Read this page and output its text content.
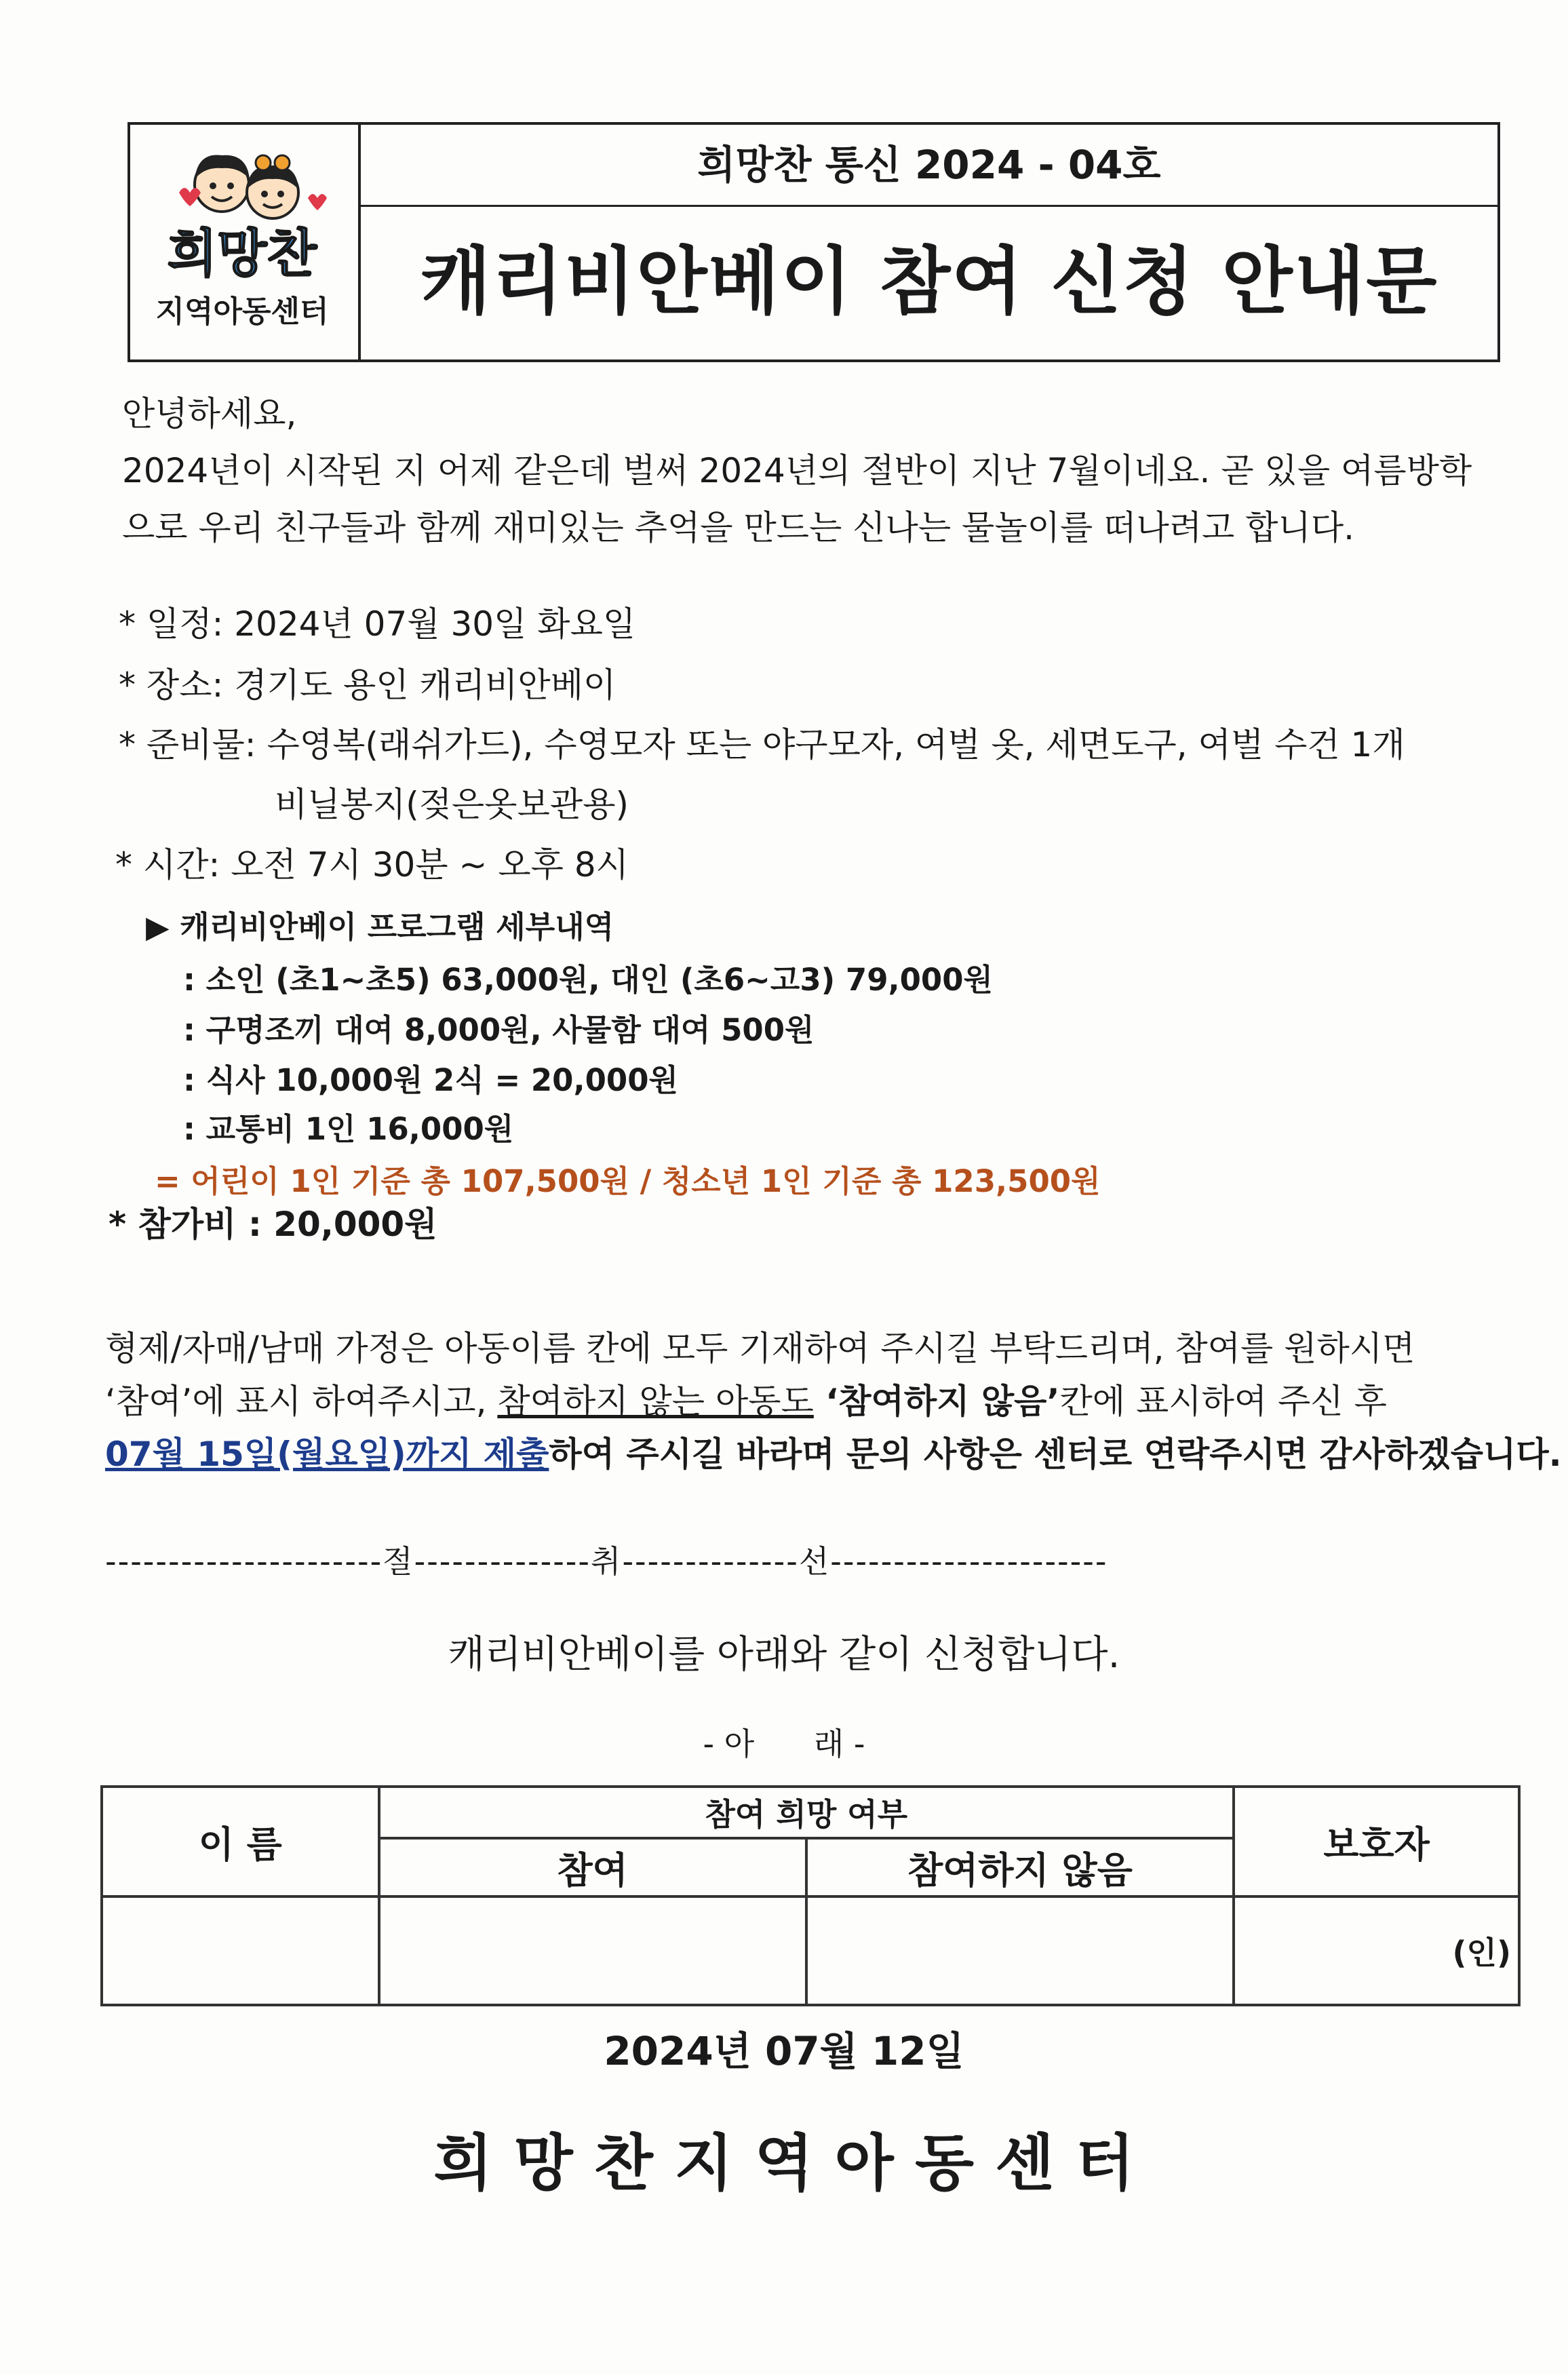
희망찬
지역아동센터
희망찬 통신 2024 - 04호
캐리비안베이 참여 신청 안내문
안녕하세요,
2024년이 시작된 지 어제 같은데 벌써 2024년의 절반이 지난 7월이네요. 곧 있을 여름방학
으로 우리 친구들과 함께 재미있는 추억을 만드는 신나는 물놀이를 떠나려고 합니다.
* 일정: 2024년 07월 30일 화요일
* 장소: 경기도 용인 캐리비안베이
* 준비물: 수영복(래쉬가드), 수영모자 또는 야구모자, 여벌 옷, 세면도구, 여벌 수건 1개
비닐봉지(젖은옷보관용)
* 시간: 오전 7시 30분 ~ 오후 8시
▶ 캐리비안베이 프로그램 세부내역
: 소인 (초1~초5) 63,000원, 대인 (초6~고3) 79,000원
: 구명조끼 대여 8,000원, 사물함 대여 500원
: 식사 10,000원 2식 = 20,000원
: 교통비 1인 16,000원
= 어린이 1인 기준 총 107,500원 / 청소년 1인 기준 총 123,500원
* 참가비 : 20,000원
형제/자매/남매 가정은 아동이름 칸에 모두 기재하여 주시길 부탁드리며, 참여를 원하시면
‘참여’에 표시 하여주시고, 참여하지 않는 아동도 ‘참여하지 않음’칸에 표시하여 주신 후
07월 15일(월요일)까지 제출하여 주시길 바라며 문의 사항은 센터로 연락주시면 감사하겠습니다.
----------------------절--------------취--------------선----------------------
캐리비안베이를 아래와 같이 신청합니다.
- 아      래 -
이 름	참여 희망 여부		보호자
	참여	참여하지 않음	
			(인)
2024년 07월 12일
희 망 찬 지 역 아 동 센 터
